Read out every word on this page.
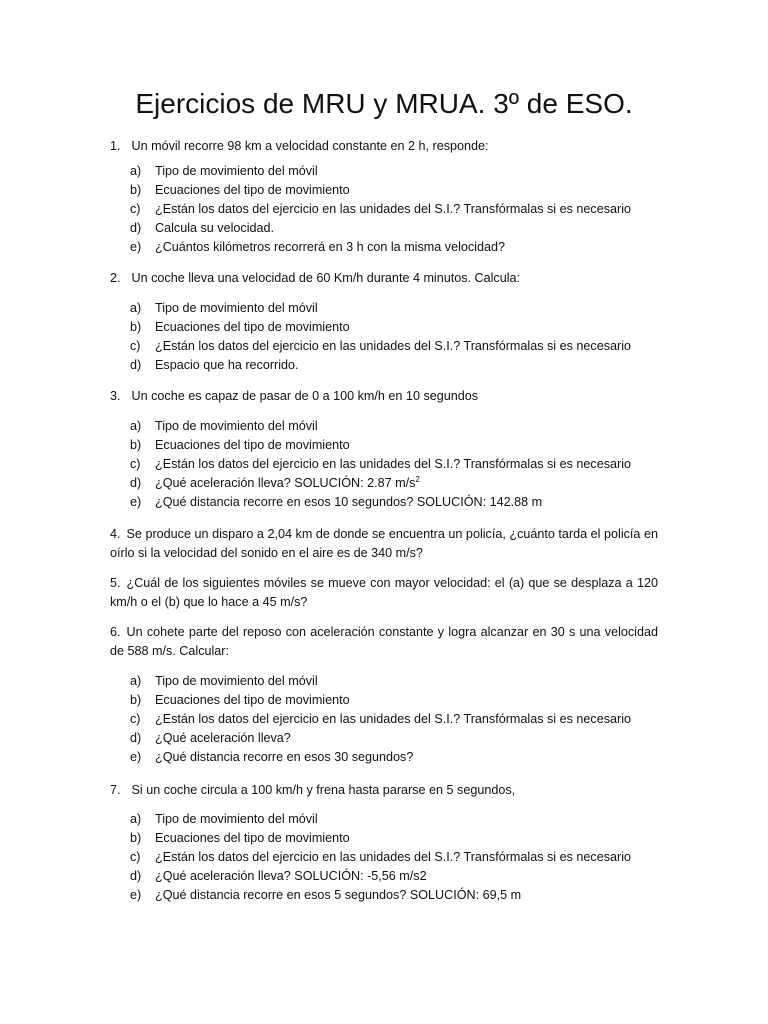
Ejercicios de MRU y MRUA. 3º de ESO.

1. Un móvil recorre 98 km a velocidad constante en 2 h, responde:

a) Tipo de movimiento del móvil
b) Ecuaciones del tipo de movimiento
c) ¿Están los datos del ejercicio en las unidades del S.I.? Transfórmalas si es necesario
d) Calcula su velocidad.
e) ¿Cuántos kilómetros recorrerá en 3 h con la misma velocidad?

2. Un coche lleva una velocidad de 60 Km/h durante 4 minutos. Calcula:

a) Tipo de movimiento del móvil
b) Ecuaciones del tipo de movimiento
c) ¿Están los datos del ejercicio en las unidades del S.I.? Transfórmalas si es necesario
d) Espacio que ha recorrido.

3. Un coche es capaz de pasar de 0 a 100 km/h en 10 segundos

a) Tipo de movimiento del móvil
b) Ecuaciones del tipo de movimiento
c) ¿Están los datos del ejercicio en las unidades del S.I.? Transfórmalas si es necesario
d) ¿Qué aceleración lleva? SOLUCIÓN: 2.87 $m/s^2$
e) ¿Qué distancia recorre en esos 10 segundos? SOLUCIÓN: 142.88 m

4. Se produce un disparo a 2,04 km de donde se encuentra un policía, ¿cuánto tarda el policía en oírlo si la velocidad del sonido en el aire es de 340 m/s?

5. ¿Cuál de los siguientes móviles se mueve con mayor velocidad: el (a) que se desplaza a 120 km/h o el (b) que lo hace a 45 m/s?

6. Un cohete parte del reposo con aceleración constante y logra alcanzar en 30 s una velocidad de 588 m/s. Calcular:

a) Tipo de movimiento del móvil
b) Ecuaciones del tipo de movimiento
c) ¿Están los datos del ejercicio en las unidades del S.I.? Transfórmalas si es necesario
d) ¿Qué aceleración lleva?
e) ¿Qué distancia recorre en esos 30 segundos?

7. Si un coche circula a 100 km/h y frena hasta pararse en 5 segundos,

a) Tipo de movimiento del móvil
b) Ecuaciones del tipo de movimiento
c) ¿Están los datos del ejercicio en las unidades del S.I.? Transfórmalas si es necesario
d) ¿Qué aceleración lleva? SOLUCIÓN: -5,56 m/s2
e) ¿Qué distancia recorre en esos 5 segundos? SOLUCIÓN: 69,5 m
